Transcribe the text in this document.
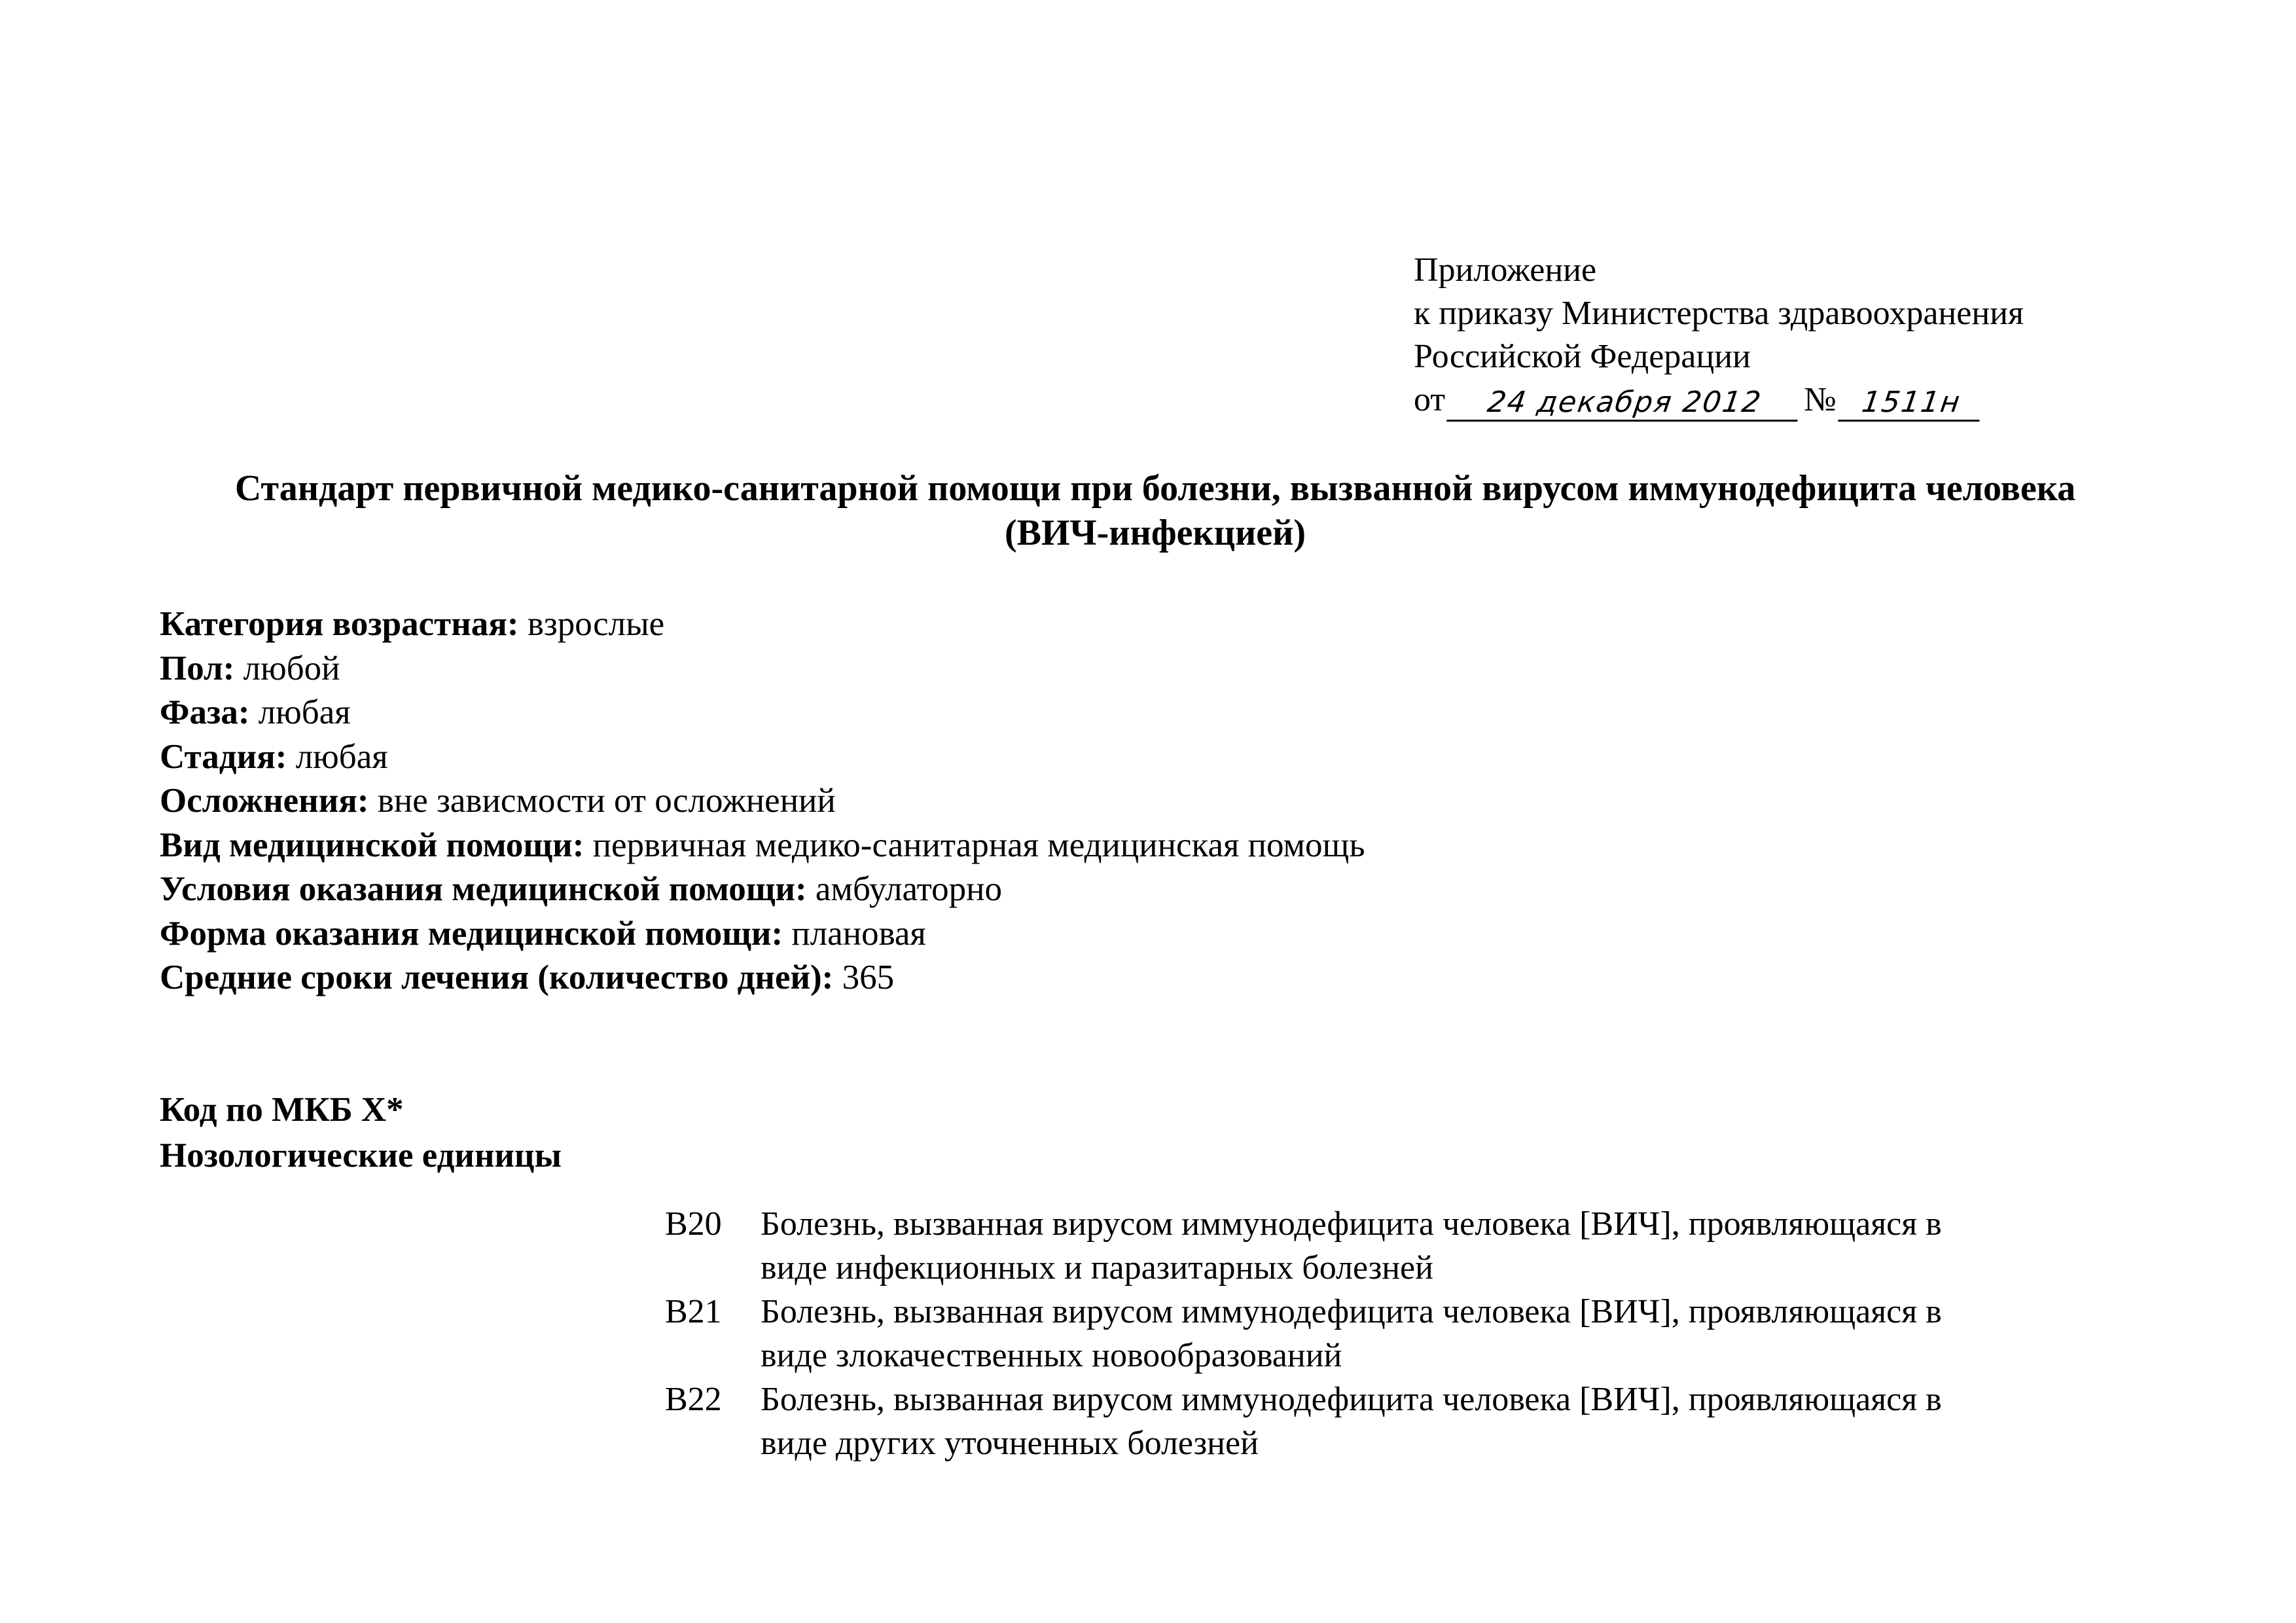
Приложение
к приказу Министерства здравоохранения
Российской Федерации
от	24 декабря 2012	№ 1511н
Стандарт первичной медико-санитарной помощи при болезни, вызванной вирусом иммунодефицита человека
(ВИЧ-инфекцией)
Категория возрастная: взрослые
Пол: любой
Фаза: любая
Стадия: любая
Осложнения: вне зависмости от осложнений
Вид медицинской помощи: первичная медико-санитарная медицинская помощь
Условия оказания медицинской помощи: амбулаторно
Форма оказания медицинской помощи: плановая
Средние сроки лечения (количество дней): 365
Код по МКБ X*
Нозологические единицы
B20	Болезнь, вызванная вирусом иммунодефицита человека [ВИЧ], проявляющаяся в
виде инфекционных и паразитарных болезней
B21	Болезнь, вызванная вирусом иммунодефицита человека [ВИЧ], проявляющаяся в
виде злокачественных новообразований
B22	Болезнь, вызванная вирусом иммунодефицита человека [ВИЧ], проявляющаяся в
виде других уточненных болезней
